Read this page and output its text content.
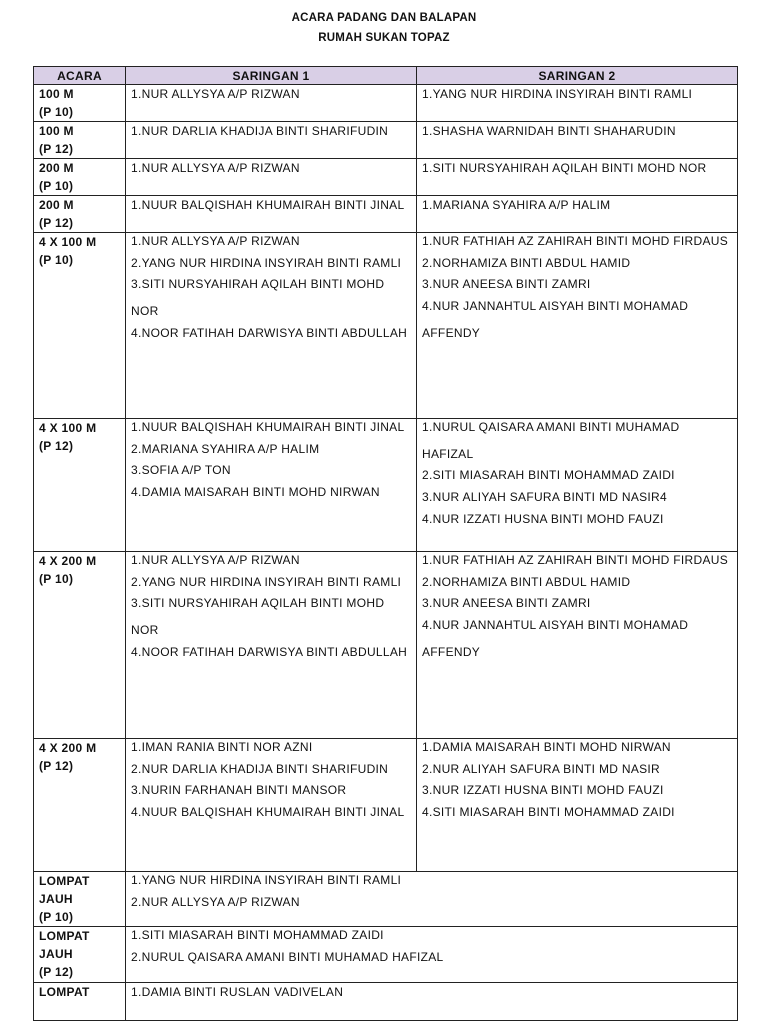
ACARA PADANG DAN BALAPAN
RUMAH SUKAN TOPAZ
ACARA	SARINGAN 1	SARINGAN 2

100 M
(P 10)	1.NUR ALLYSYA A/P RIZWAN	1.YANG NUR HIRDINA INSYIRAH BINTI RAMLI

100 M
(P 12)	1.NUR DARLIA KHADIJA BINTI SHARIFUDIN	1.SHASHA WARNIDAH BINTI SHAHARUDIN

200 M
(P 10)	1.NUR ALLYSYA A/P RIZWAN	1.SITI NURSYAHIRAH AQILAH BINTI MOHD NOR

200 M
(P 12)	1.NUUR BALQISHAH KHUMAIRAH BINTI JINAL	1.MARIANA SYAHIRA A/P HALIM

4 X 100 M
(P 10)	1.NUR ALLYSYA A/P RIZWAN
2.YANG NUR HIRDINA INSYIRAH BINTI RAMLI
3.SITI NURSYAHIRAH AQILAH BINTI MOHD NOR
4.NOOR FATIHAH DARWISYA BINTI ABDULLAH	1.NUR FATHIAH AZ ZAHIRAH BINTI MOHD FIRDAUS
2.NORHAMIZA BINTI ABDUL HAMID
3.NUR ANEESA BINTI ZAMRI
4.NUR JANNAHTUL AISYAH BINTI MOHAMAD AFFENDY

4 X 100 M
(P 12)	1.NUUR BALQISHAH KHUMAIRAH BINTI JINAL
2.MARIANA SYAHIRA A/P HALIM
3.SOFIA A/P TON
4.DAMIA MAISARAH BINTI MOHD NIRWAN	1.NURUL QAISARA AMANI BINTI MUHAMAD HAFIZAL
2.SITI MIASARAH BINTI MOHAMMAD ZAIDI
3.NUR ALIYAH SAFURA BINTI MD NASIR4
4.NUR IZZATI HUSNA BINTI MOHD FAUZI

4 X 200 M
(P 10)	1.NUR ALLYSYA A/P RIZWAN
2.YANG NUR HIRDINA INSYIRAH BINTI RAMLI
3.SITI NURSYAHIRAH AQILAH BINTI MOHD NOR
4.NOOR FATIHAH DARWISYA BINTI ABDULLAH	1.NUR FATHIAH AZ ZAHIRAH BINTI MOHD FIRDAUS
2.NORHAMIZA BINTI ABDUL HAMID
3.NUR ANEESA BINTI ZAMRI
4.NUR JANNAHTUL AISYAH BINTI MOHAMAD AFFENDY

4 X 200 M
(P 12)	1.IMAN RANIA BINTI NOR AZNI
2.NUR DARLIA KHADIJA BINTI SHARIFUDIN
3.NURIN FARHANAH BINTI MANSOR
4.NUUR BALQISHAH KHUMAIRAH BINTI JINAL	1.DAMIA MAISARAH BINTI MOHD NIRWAN
2.NUR ALIYAH SAFURA BINTI MD NASIR
3.NUR IZZATI HUSNA BINTI MOHD FAUZI
4.SITI MIASARAH BINTI MOHAMMAD ZAIDI

LOMPAT
JAUH
(P 10)	1.YANG NUR HIRDINA INSYIRAH BINTI RAMLI
2.NUR ALLYSYA A/P RIZWAN	

LOMPAT
JAUH
(P 12)	1.SITI MIASARAH BINTI MOHAMMAD ZAIDI
2.NURUL QAISARA AMANI BINTI MUHAMAD HAFIZAL	

LOMPAT	1.DAMIA BINTI RUSLAN VADIVELAN	
